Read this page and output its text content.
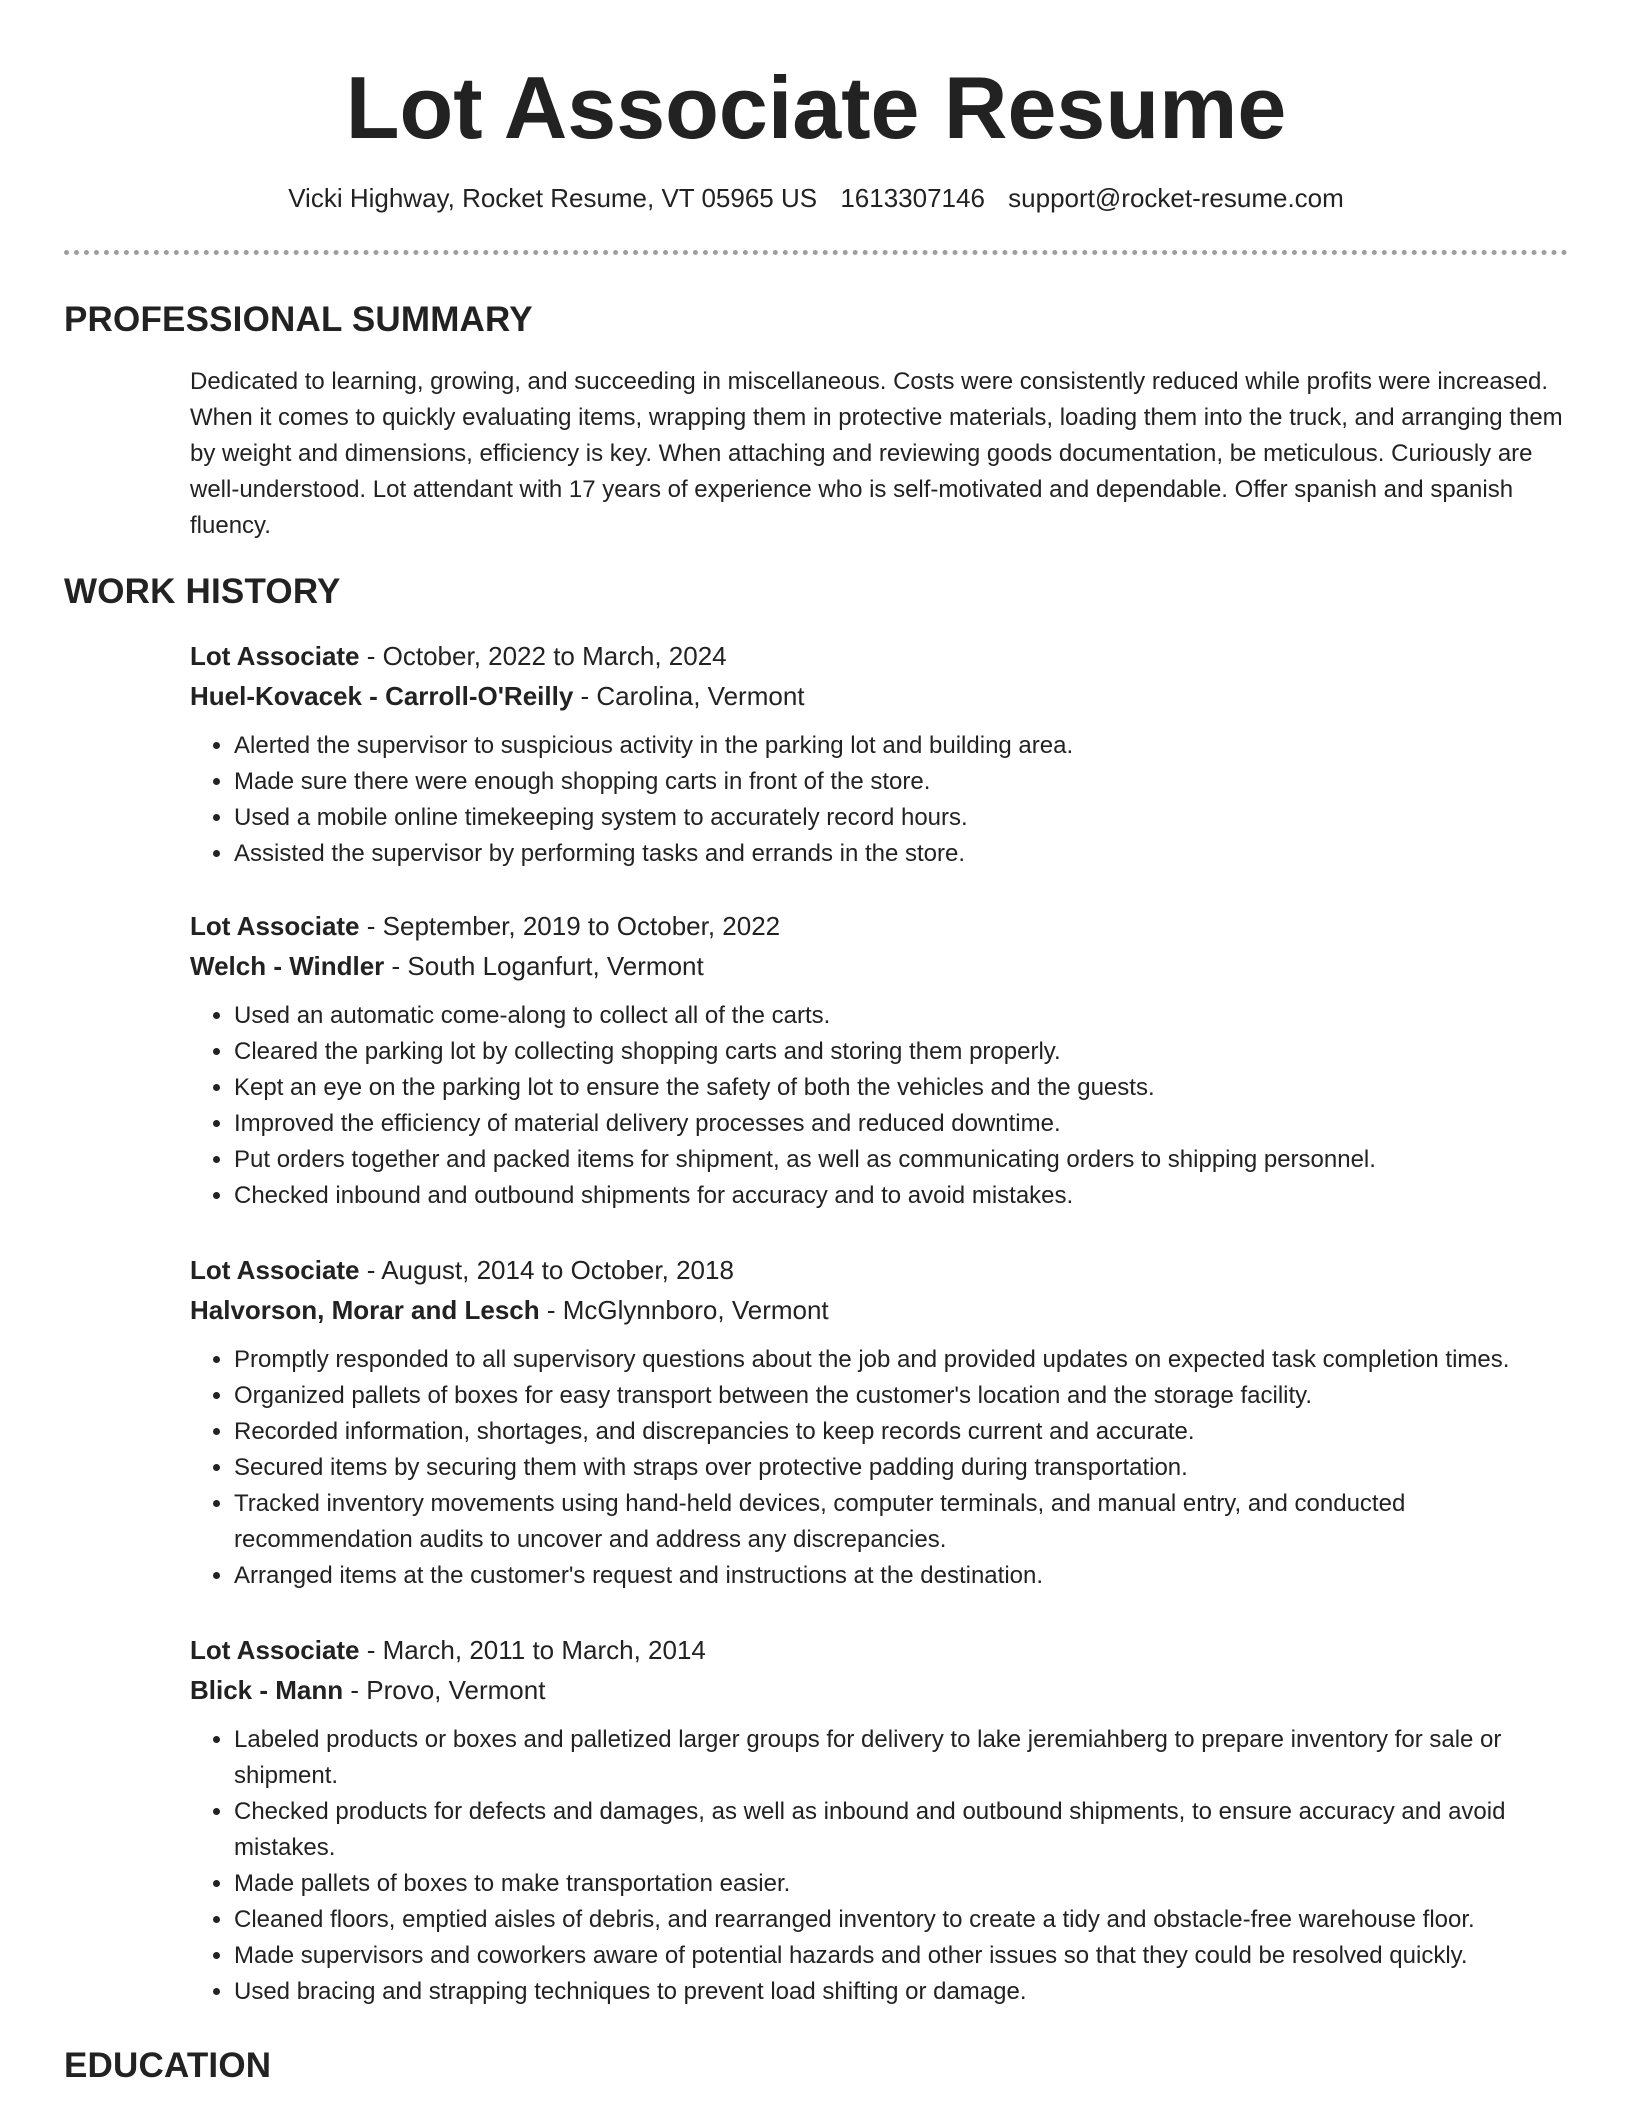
Lot Associate Resume
Vicki Highway, Rocket Resume, VT 05965 US 1613307146 support@rocket-resume.com
PROFESSIONAL SUMMARY

Dedicated to learning, growing, and succeeding in miscellaneous. Costs were consistently reduced while profits were increased. When it comes to quickly evaluating items, wrapping them in protective materials, loading them into the truck, and arranging them by weight and dimensions, efficiency is key. When attaching and reviewing goods documentation, be meticulous. Curiously are well-understood. Lot attendant with 17 years of experience who is self-motivated and dependable. Offer spanish and spanish fluency.

WORK HISTORY
Lot Associate - October, 2022 to March, 2024
Huel-Kovacek - Carroll-O'Reilly - Carolina, Vermont
• Alerted the supervisor to suspicious activity in the parking lot and building area.
• Made sure there were enough shopping carts in front of the store.
• Used a mobile online timekeeping system to accurately record hours.
• Assisted the supervisor by performing tasks and errands in the store.
Lot Associate - September, 2019 to October, 2022
Welch - Windler - South Loganfurt, Vermont
• Used an automatic come-along to collect all of the carts.
• Cleared the parking lot by collecting shopping carts and storing them properly.
• Kept an eye on the parking lot to ensure the safety of both the vehicles and the guests.
• Improved the efficiency of material delivery processes and reduced downtime.
• Put orders together and packed items for shipment, as well as communicating orders to shipping personnel.
• Checked inbound and outbound shipments for accuracy and to avoid mistakes.
Lot Associate - August, 2014 to October, 2018
Halvorson, Morar and Lesch - McGlynnboro, Vermont
• Promptly responded to all supervisory questions about the job and provided updates on expected task completion times.
• Organized pallets of boxes for easy transport between the customer's location and the storage facility.
• Recorded information, shortages, and discrepancies to keep records current and accurate.
• Secured items by securing them with straps over protective padding during transportation.
• Tracked inventory movements using hand-held devices, computer terminals, and manual entry, and conducted recommendation audits to uncover and address any discrepancies.
• Arranged items at the customer's request and instructions at the destination.
Lot Associate - March, 2011 to March, 2014
Blick - Mann - Provo, Vermont
• Labeled products or boxes and palletized larger groups for delivery to lake jeremiahberg to prepare inventory for sale or shipment.
• Checked products for defects and damages, as well as inbound and outbound shipments, to ensure accuracy and avoid mistakes.
• Made pallets of boxes to make transportation easier.
• Cleaned floors, emptied aisles of debris, and rearranged inventory to create a tidy and obstacle-free warehouse floor.
• Made supervisors and coworkers aware of potential hazards and other issues so that they could be resolved quickly.
• Used bracing and strapping techniques to prevent load shifting or damage.
EDUCATION
